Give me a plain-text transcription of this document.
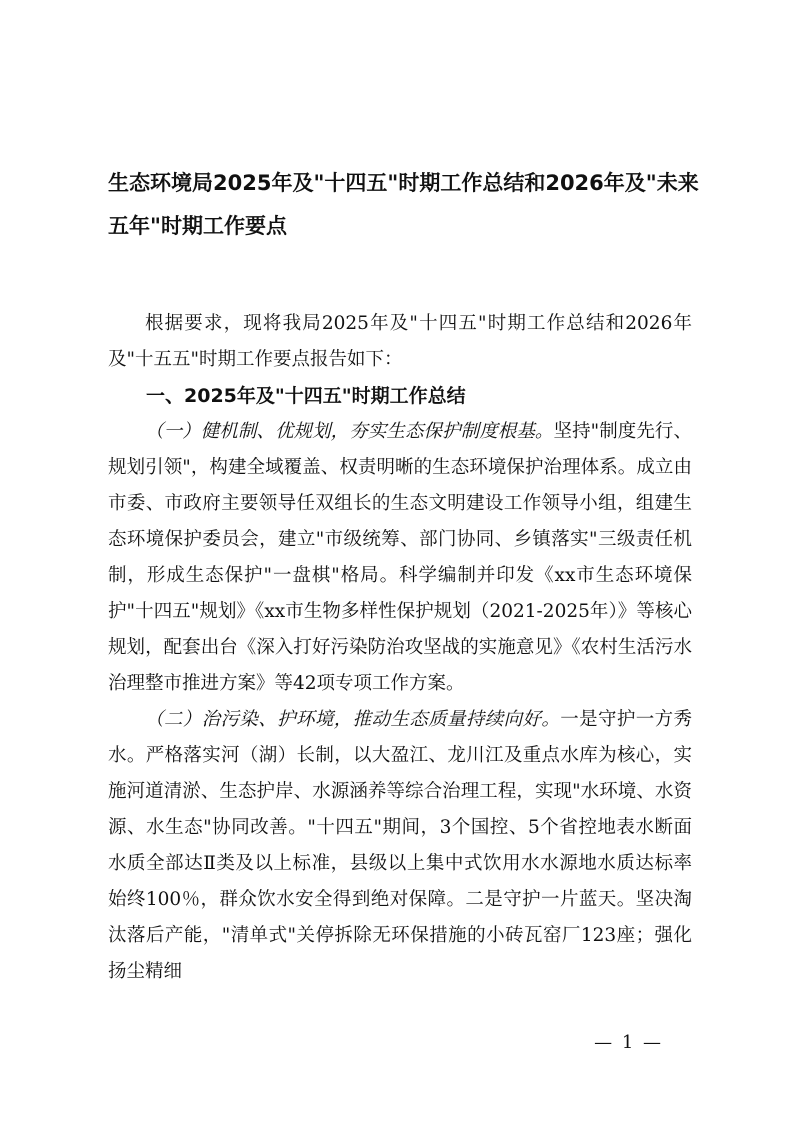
生态环境局2025年及"十四五"时期工作总结和2026年及"未来五年"时期工作要点

根据要求，现将我局2025年及"十四五"时期工作总结和2026年及"十五五"时期工作要点报告如下：

一、2025年及"十四五"时期工作总结

（一）健机制、优规划，夯实生态保护制度根基。坚持"制度先行、规划引领"，构建全域覆盖、权责明晰的生态环境保护治理体系。成立由市委、市政府主要领导任双组长的生态文明建设工作领导小组，组建生态环境保护委员会，建立"市级统筹、部门协同、乡镇落实"三级责任机制，形成生态保护"一盘棋"格局。科学编制并印发《xx市生态环境保护"十四五"规划》《xx市生物多样性保护规划（2021-2025年）》等核心规划，配套出台《深入打好污染防治攻坚战的实施意见》《农村生活污水治理整市推进方案》等42项专项工作方案。

（二）治污染、护环境，推动生态质量持续向好。一是守护一方秀水。严格落实河（湖）长制，以大盈江、龙川江及重点水库为核心，实施河道清淤、生态护岸、水源涵养等综合治理工程，实现"水环境、水资源、水生态"协同改善。"十四五"期间，3个国控、5个省控地表水断面水质全部达Ⅱ类及以上标准，县级以上集中式饮用水水源地水质达标率始终100％，群众饮水安全得到绝对保障。二是守护一片蓝天。坚决淘汰落后产能，"清单式"关停拆除无环保措施的小砖瓦窑厂123座；强化扬尘精细

— 1 —
